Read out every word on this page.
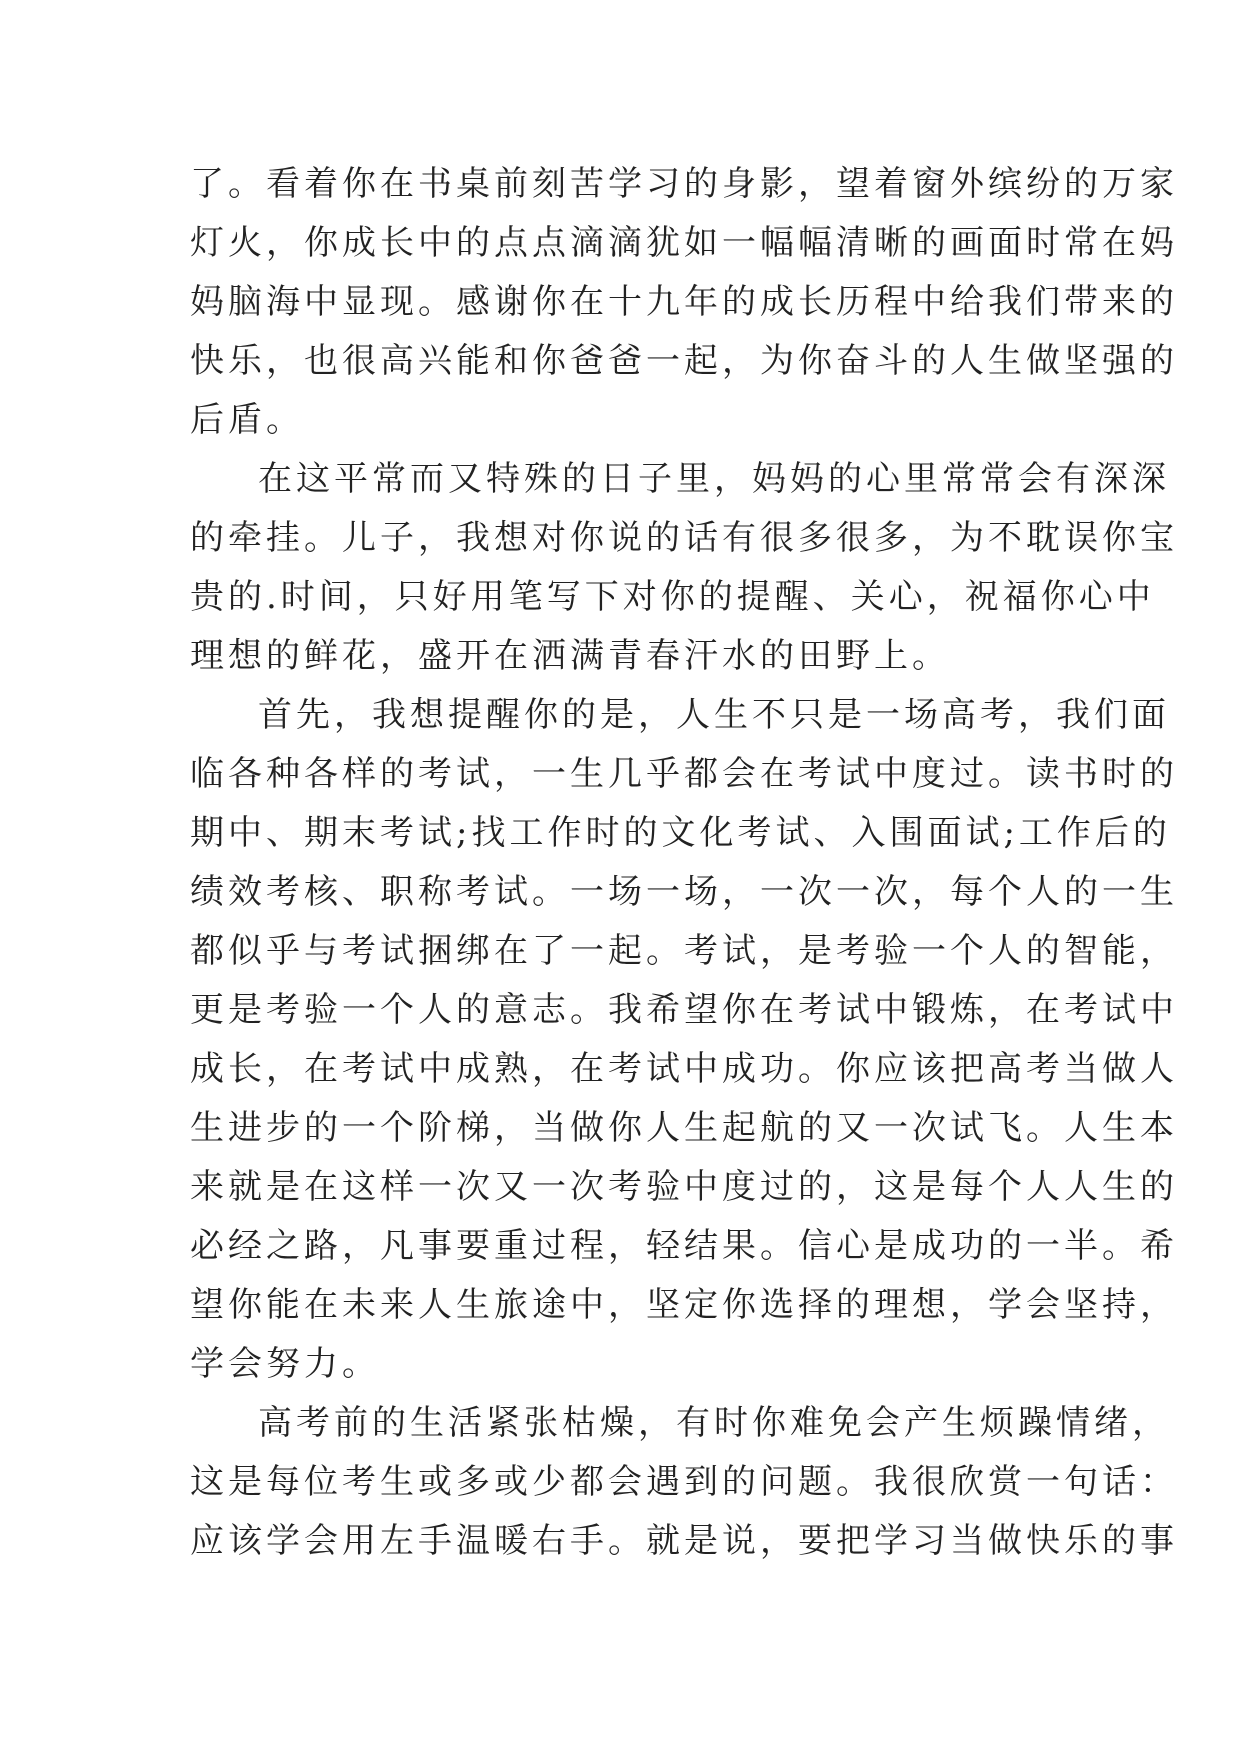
了。看着你在书桌前刻苦学习的身影，望着窗外缤纷的万家
灯火，你成长中的点点滴滴犹如一幅幅清晰的画面时常在妈
妈脑海中显现。感谢你在十九年的成长历程中给我们带来的
快乐，也很高兴能和你爸爸一起，为你奋斗的人生做坚强的
后盾。
在这平常而又特殊的日子里，妈妈的心里常常会有深深
的牵挂。儿子，我想对你说的话有很多很多，为不耽误你宝
贵的.时间，只好用笔写下对你的提醒、关心，祝福你心中
理想的鲜花，盛开在洒满青春汗水的田野上。
首先，我想提醒你的是，人生不只是一场高考，我们面
临各种各样的考试，一生几乎都会在考试中度过。读书时的
期中、期末考试;找工作时的文化考试、入围面试;工作后的
绩效考核、职称考试。一场一场，一次一次，每个人的一生
都似乎与考试捆绑在了一起。考试，是考验一个人的智能，
更是考验一个人的意志。我希望你在考试中锻炼，在考试中
成长，在考试中成熟，在考试中成功。你应该把高考当做人
生进步的一个阶梯，当做你人生起航的又一次试飞。人生本
来就是在这样一次又一次考验中度过的，这是每个人人生的
必经之路，凡事要重过程，轻结果。信心是成功的一半。希
望你能在未来人生旅途中，坚定你选择的理想，学会坚持，
学会努力。
高考前的生活紧张枯燥，有时你难免会产生烦躁情绪，
这是每位考生或多或少都会遇到的问题。我很欣赏一句话：
应该学会用左手温暖右手。就是说，要把学习当做快乐的事
